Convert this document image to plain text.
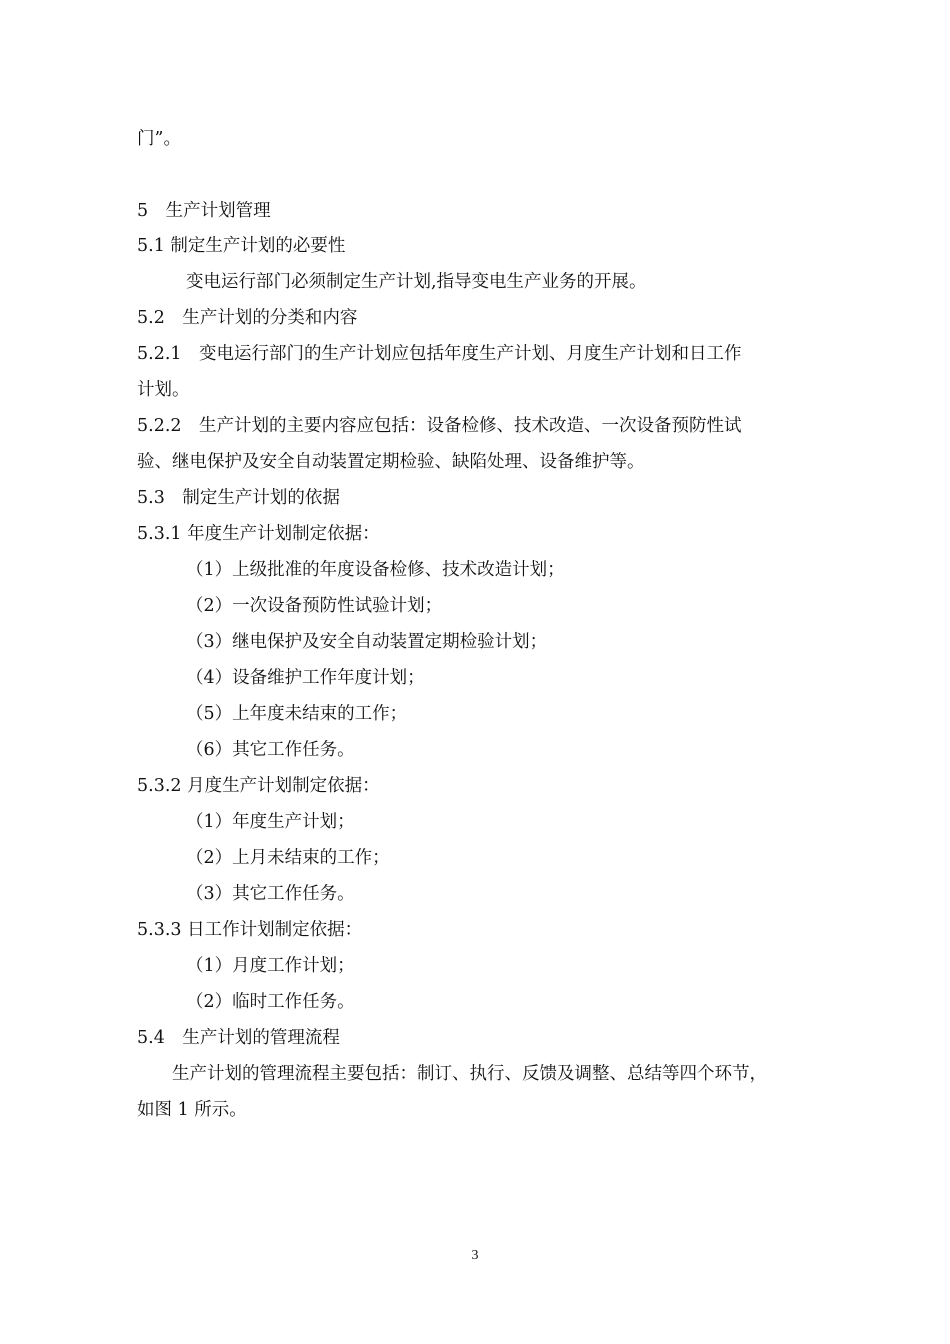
门”。
5　生产计划管理
5.1 制定生产计划的必要性
变电运行部门必须制定生产计划,指导变电生产业务的开展。
5.2　生产计划的分类和内容
5.2.1　变电运行部门的生产计划应包括年度生产计划、月度生产计划和日工作
计划。
5.2.2　生产计划的主要内容应包括：设备检修、技术改造、一次设备预防性试
验、继电保护及安全自动装置定期检验、缺陷处理、设备维护等。
5.3　制定生产计划的依据
5.3.1 年度生产计划制定依据：
（1）上级批准的年度设备检修、技术改造计划；
（2）一次设备预防性试验计划；
（3）继电保护及安全自动装置定期检验计划；
（4）设备维护工作年度计划；
（5）上年度未结束的工作；
（6）其它工作任务。
5.3.2 月度生产计划制定依据：
（1）年度生产计划；
（2）上月未结束的工作；
（3）其它工作任务。
5.3.3 日工作计划制定依据：
（1）月度工作计划；
（2）临时工作任务。
5.4　生产计划的管理流程
生产计划的管理流程主要包括：制订、执行、反馈及调整、总结等四个环节，
如图 1 所示。
3
